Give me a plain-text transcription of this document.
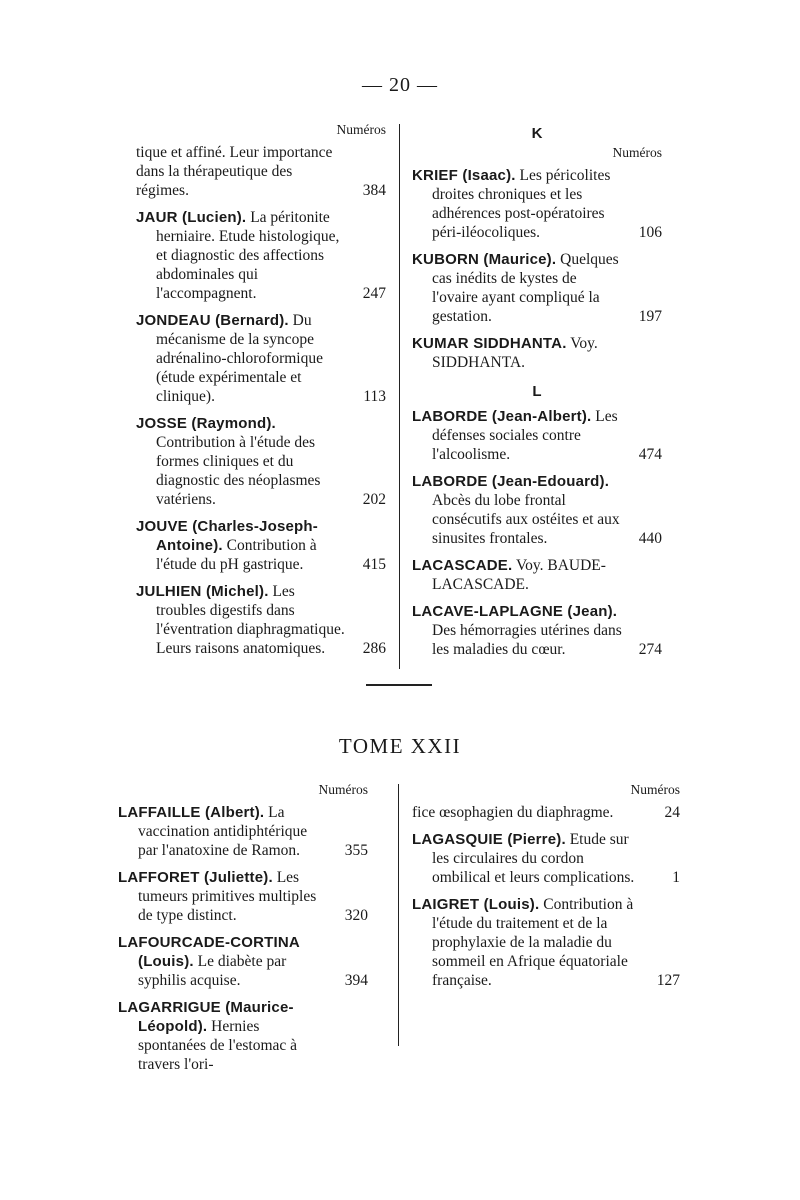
— 20 —
Numéros
tique et affiné. Leur importance dans la thérapeutique des régimes.	384
JAUR (Lucien). La péritonite herniaire. Etude histologique, et diagnostic des affections abdominales qui l'accompagnent.	247
JONDEAU (Bernard). Du mécanisme de la syncope adrénalino-chloroformique (étude expérimentale et clinique).	113
JOSSE (Raymond). Contribution à l'étude des formes cliniques et du diagnostic des néoplasmes vatériens.	202
JOUVE (Charles-Joseph-Antoine). Contribution à l'étude du pH gastrique.	415
JULHIEN (Michel). Les troubles digestifs dans l'éventration diaphragmatique. Leurs raisons anatomiques. 286
K
Numéros
KRIEF (Isaac). Les péricolites droites chroniques et les adhérences post-opératoires péri-iléocoliques.	106
KUBORN (Maurice). Quelques cas inédits de kystes de l'ovaire ayant compliqué la gestation.	197
KUMAR SIDDHANTA. Voy. SIDDHANTA.
L
LABORDE (Jean-Albert). Les défenses sociales contre l'alcoolisme.	474
LABORDE (Jean-Edouard). Abcès du lobe frontal consécutifs aux ostéites et aux sinusites frontales.	440
LACASCADE. Voy. BAUDE-LACASCADE.
LACAVE-LAPLAGNE (Jean). Des hémorragies utérines dans les maladies du cœur.	274
TOME XXII
Numéros
LAFFAILLE (Albert). La vaccination antidiphtérique par l'anatoxine de Ramon.	355
LAFFORET (Juliette). Les tumeurs primitives multiples de type distinct.	320
LAFOURCADE-CORTINA (Louis). Le diabète par syphilis acquise.	394
LAGARRIGUE (Maurice-Léopold). Hernies spontanées de l'estomac à travers l'ori-
Numéros
fice œsophagien du diaphragme.	24
LAGASQUIE (Pierre). Etude sur les circulaires du cordon ombilical et leurs complications. 1
LAIGRET (Louis). Contribution à l'étude du traitement et de la prophylaxie de la maladie du sommeil en Afrique équatoriale française.	127
